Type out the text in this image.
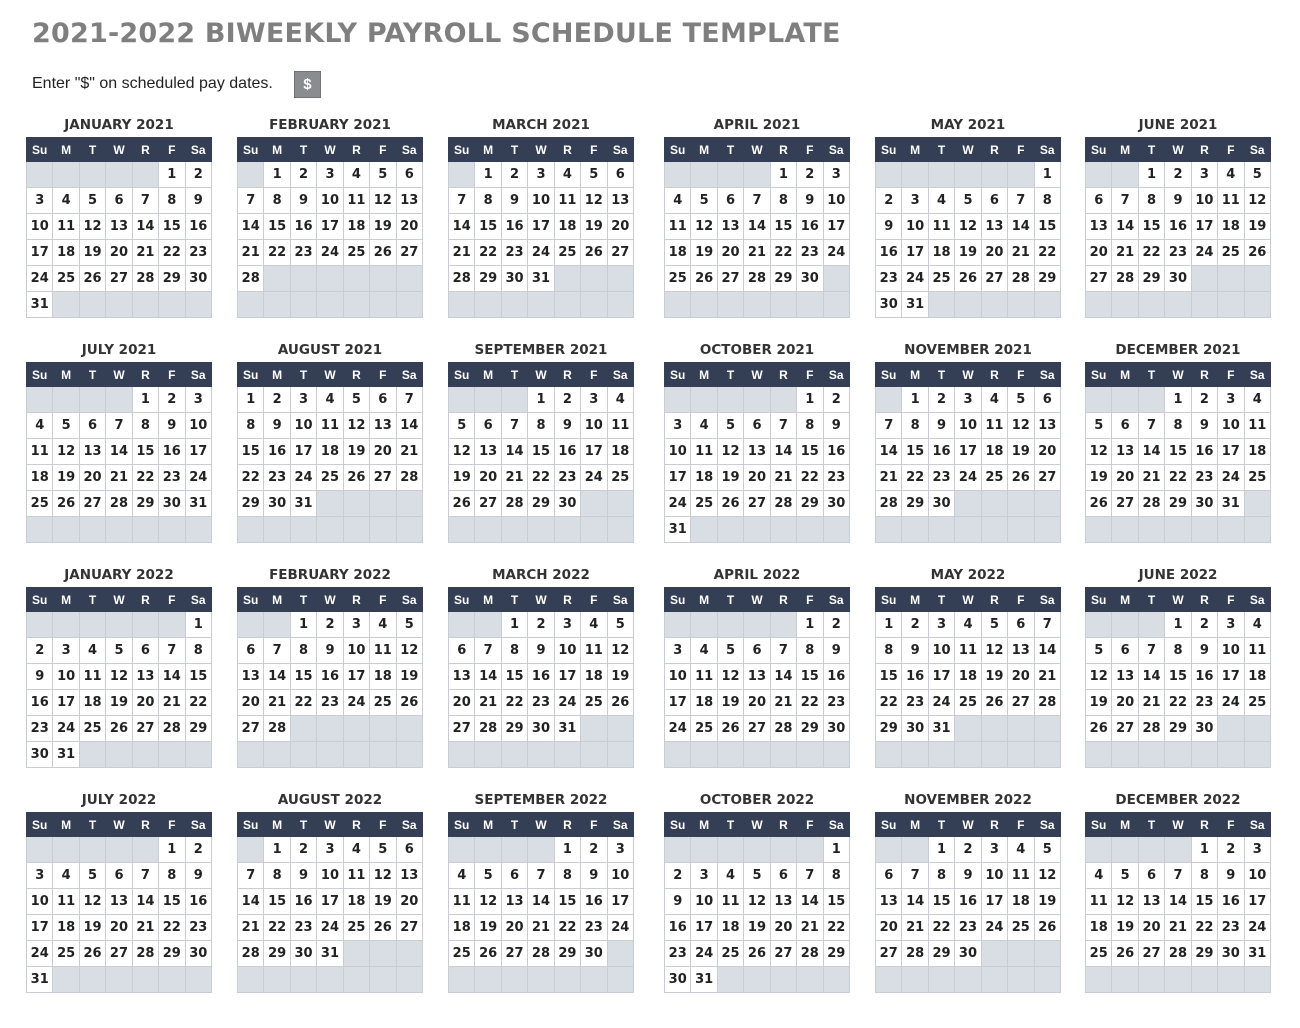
JANUARY 2021
Su	M	T	W	R	F	Sa
					1	2
3	4	5	6	7	8	9
10	11	12	13	14	15	16
17	18	19	20	21	22	23
24	25	26	27	28	29	30
31						
FEBRUARY 2021
Su	M	T	W	R	F	Sa
	1	2	3	4	5	6
7	8	9	10	11	12	13
14	15	16	17	18	19	20
21	22	23	24	25	26	27
28						

MARCH 2021
Su	M	T	W	R	F	Sa
	1	2	3	4	5	6
7	8	9	10	11	12	13
14	15	16	17	18	19	20
21	22	23	24	25	26	27
28	29	30	31			

APRIL 2021
Su	M	T	W	R	F	Sa
				1	2	3
4	5	6	7	8	9	10
11	12	13	14	15	16	17
18	19	20	21	22	23	24
25	26	27	28	29	30	

MAY 2021
Su	M	T	W	R	F	Sa
						1
2	3	4	5	6	7	8
9	10	11	12	13	14	15
16	17	18	19	20	21	22
23	24	25	26	27	28	29
30	31					
JUNE 2021
Su	M	T	W	R	F	Sa
		1	2	3	4	5
6	7	8	9	10	11	12
13	14	15	16	17	18	19
20	21	22	23	24	25	26
27	28	29	30			

JULY 2021
Su	M	T	W	R	F	Sa
				1	2	3
4	5	6	7	8	9	10
11	12	13	14	15	16	17
18	19	20	21	22	23	24
25	26	27	28	29	30	31

AUGUST 2021
Su	M	T	W	R	F	Sa
1	2	3	4	5	6	7
8	9	10	11	12	13	14
15	16	17	18	19	20	21
22	23	24	25	26	27	28
29	30	31				

SEPTEMBER 2021
Su	M	T	W	R	F	Sa
			1	2	3	4
5	6	7	8	9	10	11
12	13	14	15	16	17	18
19	20	21	22	23	24	25
26	27	28	29	30		

OCTOBER 2021
Su	M	T	W	R	F	Sa
					1	2
3	4	5	6	7	8	9
10	11	12	13	14	15	16
17	18	19	20	21	22	23
24	25	26	27	28	29	30
31						
NOVEMBER 2021
Su	M	T	W	R	F	Sa
	1	2	3	4	5	6
7	8	9	10	11	12	13
14	15	16	17	18	19	20
21	22	23	24	25	26	27
28	29	30				

DECEMBER 2021
Su	M	T	W	R	F	Sa
			1	2	3	4
5	6	7	8	9	10	11
12	13	14	15	16	17	18
19	20	21	22	23	24	25
26	27	28	29	30	31	

JANUARY 2022
Su	M	T	W	R	F	Sa
						1
2	3	4	5	6	7	8
9	10	11	12	13	14	15
16	17	18	19	20	21	22
23	24	25	26	27	28	29
30	31					
FEBRUARY 2022
Su	M	T	W	R	F	Sa
		1	2	3	4	5
6	7	8	9	10	11	12
13	14	15	16	17	18	19
20	21	22	23	24	25	26
27	28					

MARCH 2022
Su	M	T	W	R	F	Sa
		1	2	3	4	5
6	7	8	9	10	11	12
13	14	15	16	17	18	19
20	21	22	23	24	25	26
27	28	29	30	31		

APRIL 2022
Su	M	T	W	R	F	Sa
					1	2
3	4	5	6	7	8	9
10	11	12	13	14	15	16
17	18	19	20	21	22	23
24	25	26	27	28	29	30

MAY 2022
Su	M	T	W	R	F	Sa
1	2	3	4	5	6	7
8	9	10	11	12	13	14
15	16	17	18	19	20	21
22	23	24	25	26	27	28
29	30	31				

JUNE 2022
Su	M	T	W	R	F	Sa
			1	2	3	4
5	6	7	8	9	10	11
12	13	14	15	16	17	18
19	20	21	22	23	24	25
26	27	28	29	30		

JULY 2022
Su	M	T	W	R	F	Sa
					1	2
3	4	5	6	7	8	9
10	11	12	13	14	15	16
17	18	19	20	21	22	23
24	25	26	27	28	29	30
31						
AUGUST 2022
Su	M	T	W	R	F	Sa
	1	2	3	4	5	6
7	8	9	10	11	12	13
14	15	16	17	18	19	20
21	22	23	24	25	26	27
28	29	30	31			

SEPTEMBER 2022
Su	M	T	W	R	F	Sa
				1	2	3
4	5	6	7	8	9	10
11	12	13	14	15	16	17
18	19	20	21	22	23	24
25	26	27	28	29	30	

OCTOBER 2022
Su	M	T	W	R	F	Sa
						1
2	3	4	5	6	7	8
9	10	11	12	13	14	15
16	17	18	19	20	21	22
23	24	25	26	27	28	29
30	31					
NOVEMBER 2022
Su	M	T	W	R	F	Sa
		1	2	3	4	5
6	7	8	9	10	11	12
13	14	15	16	17	18	19
20	21	22	23	24	25	26
27	28	29	30			

DECEMBER 2022
Su	M	T	W	R	F	Sa
				1	2	3
4	5	6	7	8	9	10
11	12	13	14	15	16	17
18	19	20	21	22	23	24
25	26	27	28	29	30	31

2021-2022 BIWEEKLY PAYROLL SCHEDULE TEMPLATE
Enter "$" on scheduled pay dates.	$
